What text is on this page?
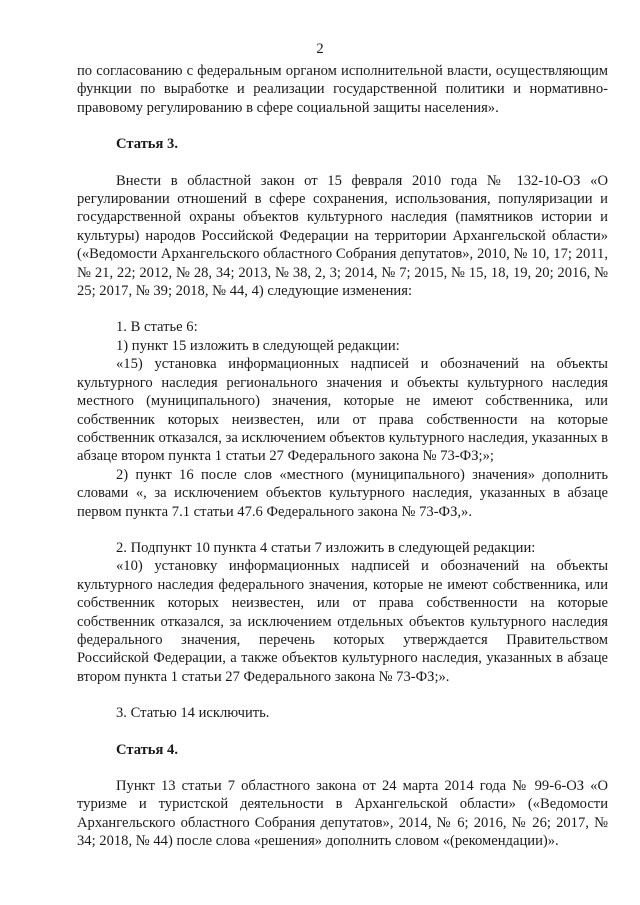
2

по согласованию с федеральным органом исполнительной власти, осуществляющим функции по выработке и реализации государственной политики и нормативно-правовому регулированию в сфере социальной защиты населения».

Статья 3.

Внести в областной закон от 15 февраля 2010 года № 132-10-ОЗ «О регулировании отношений в сфере сохранения, использования, популяризации и государственной охраны объектов культурного наследия (памятников истории и культуры) народов Российской Федерации на территории Архангельской области» («Ведомости Архангельского областного Собрания депутатов», 2010, № 10, 17; 2011, № 21, 22; 2012, № 28, 34; 2013, № 38, 2, 3; 2014, № 7; 2015, № 15, 18, 19, 20; 2016, № 25; 2017, № 39; 2018, № 44, 4) следующие изменения:

1. В статье 6:

1) пункт 15 изложить в следующей редакции:

«15) установка информационных надписей и обозначений на объекты культурного наследия регионального значения и объекты культурного наследия местного (муниципального) значения, которые не имеют собственника, или собственник которых неизвестен, или от права собственности на которые собственник отказался, за исключением объектов культурного наследия, указанных в абзаце втором пункта 1 статьи 27 Федерального закона № 73-ФЗ;»;

2) пункт 16 после слов «местного (муниципального) значения» дополнить словами «, за исключением объектов культурного наследия, указанных в абзаце первом пункта 7.1 статьи 47.6 Федерального закона № 73-ФЗ,».

2. Подпункт 10 пункта 4 статьи 7 изложить в следующей редакции:

«10) установку информационных надписей и обозначений на объекты культурного наследия федерального значения, которые не имеют собственника, или собственник которых неизвестен, или от права собственности на которые собственник отказался, за исключением отдельных объектов культурного наследия федерального значения, перечень которых утверждается Правительством Российской Федерации, а также объектов культурного наследия, указанных в абзаце втором пункта 1 статьи 27 Федерального закона № 73-ФЗ;».

3. Статью 14 исключить.

Статья 4.

Пункт 13 статьи 7 областного закона от 24 марта 2014 года № 99-6-ОЗ «О туризме и туристской деятельности в Архангельской области» («Ведомости Архангельского областного Собрания депутатов», 2014, № 6; 2016, № 26; 2017, № 34; 2018, № 44) после слова «решения» дополнить словом «(рекомендации)».
